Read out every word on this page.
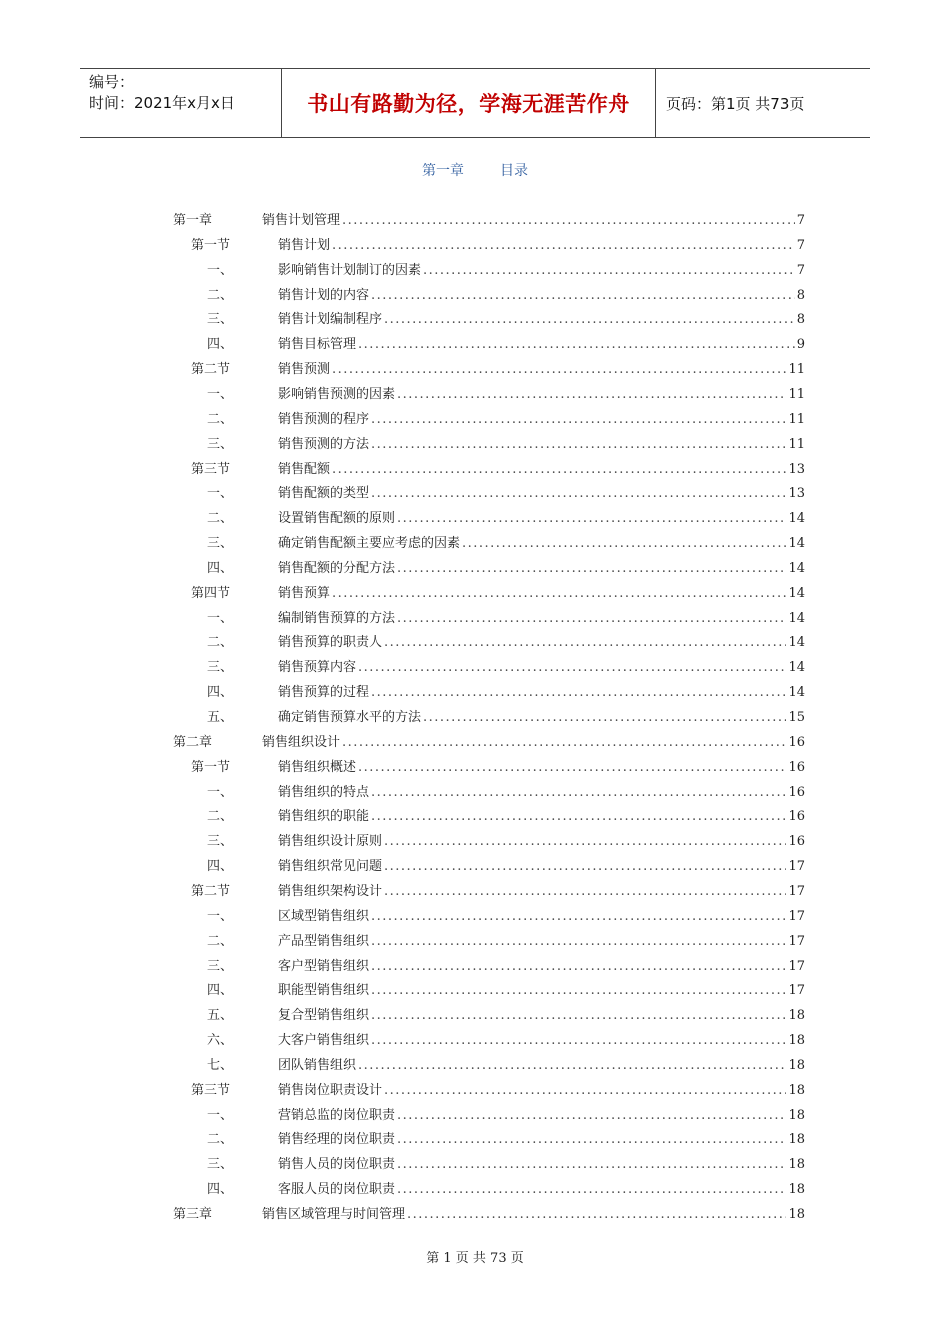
编号：
时间：2021年x月x日	书山有路勤为径，学海无涯苦作舟	页码：第1页 共73页
第一章	目录
第一章	销售计划管理 .....	7
第一节	销售计划 .....	7
一、	影响销售计划制订的因素 .....	7
二、	销售计划的内容 .....	8
三、	销售计划编制程序 .....	8
四、	销售目标管理 .....	9
第二节	销售预测 .....	11
一、	影响销售预测的因素 .....	11
二、	销售预测的程序 .....	11
三、	销售预测的方法 .....	11
第三节	销售配额 .....	13
一、	销售配额的类型 .....	13
二、	设置销售配额的原则 .....	14
三、	确定销售配额主要应考虑的因素 .....	14
四、	销售配额的分配方法 .....	14
第四节	销售预算 .....	14
一、	编制销售预算的方法 .....	14
二、	销售预算的职责人 .....	14
三、	销售预算内容 .....	14
四、	销售预算的过程 .....	14
五、	确定销售预算水平的方法 .....	15
第二章	销售组织设计 .....	16
第一节	销售组织概述 .....	16
一、	销售组织的特点 .....	16
二、	销售组织的职能 .....	16
三、	销售组织设计原则 .....	16
四、	销售组织常见问题 .....	17
第二节	销售组织架构设计 .....	17
一、	区域型销售组织 .....	17
二、	产品型销售组织 .....	17
三、	客户型销售组织 .....	17
四、	职能型销售组织 .....	17
五、	复合型销售组织 .....	18
六、	大客户销售组织 .....	18
七、	团队销售组织 .....	18
第三节	销售岗位职责设计 .....	18
一、	营销总监的岗位职责 .....	18
二、	销售经理的岗位职责 .....	18
三、	销售人员的岗位职责 .....	18
四、	客服人员的岗位职责 .....	18
第三章	销售区域管理与时间管理 .....	18
第 1 页 共 73 页
